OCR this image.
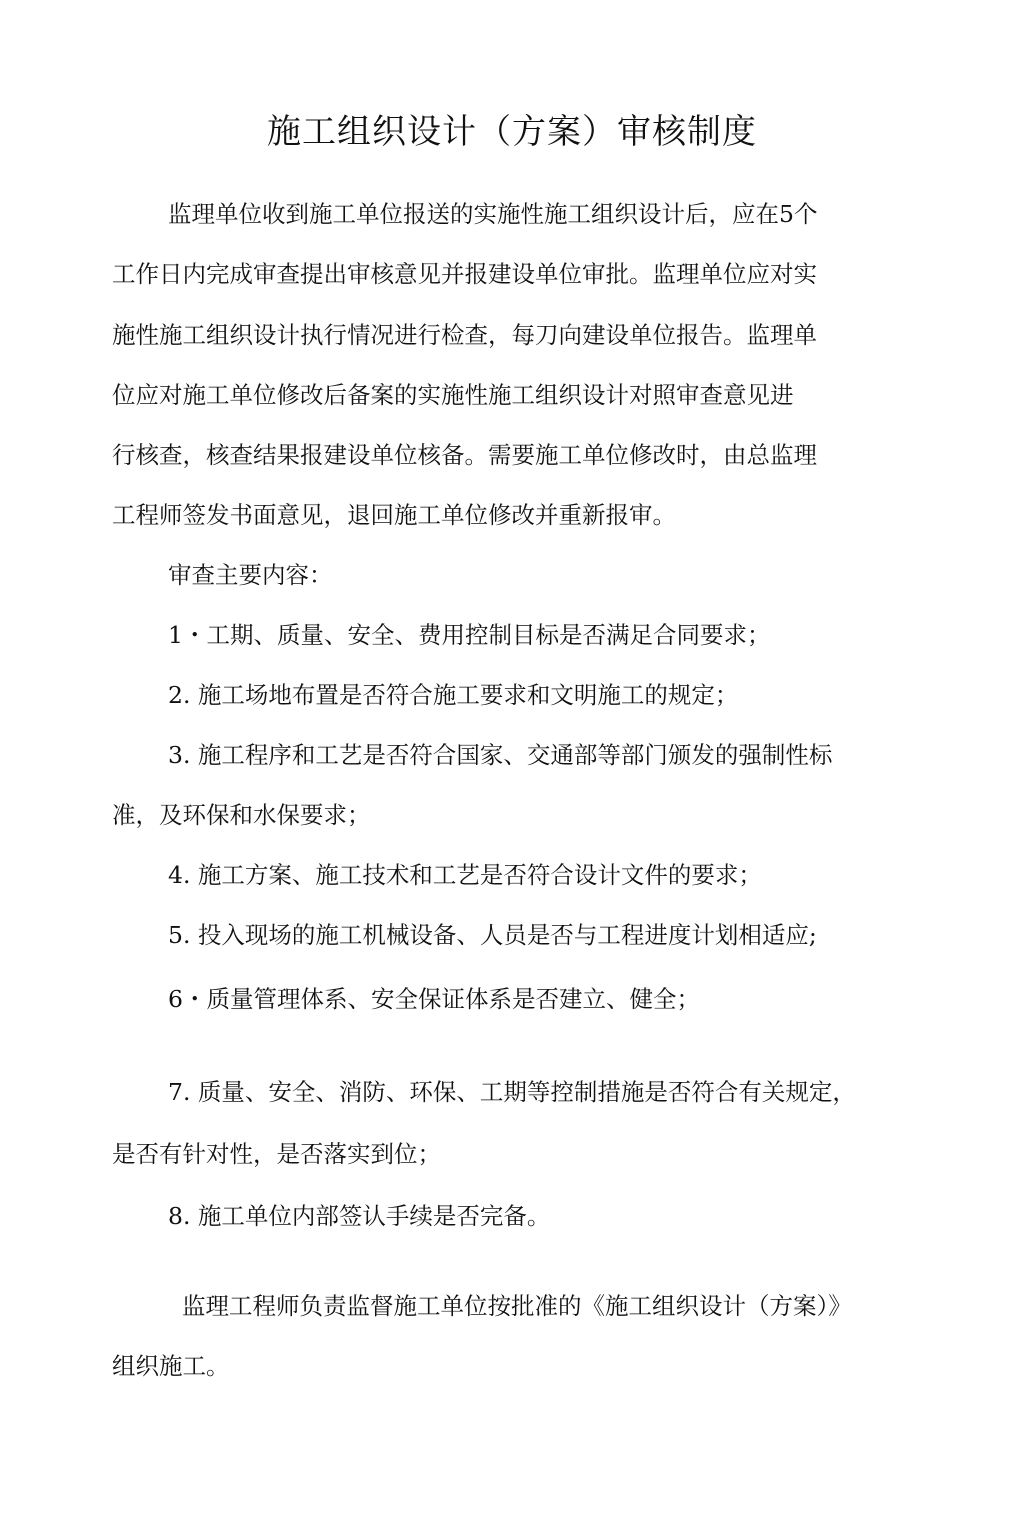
施工组织设计（方案）审核制度

监理单位收到施工单位报送的实施性施工组织设计后，应在5个

工作日内完成审查提出审核意见并报建设单位审批。监理单位应对实

施性施工组织设计执行情况进行检查，每刀向建设单位报告。监理单

位应对施工单位修改后备案的实施性施工组织设计对照审查意见进

行核查，核查结果报建设单位核备。需要施工单位修改时，由总监理

工程师签发书面意见，退回施工单位修改并重新报审。

审查主要内容：

1・工期、质量、安全、费用控制目标是否满足合同要求；

2. 施工场地布置是否符合施工要求和文明施工的规定；

3. 施工程序和工艺是否符合国家、交通部等部门颁发的强制性标

准，及环保和水保要求；

4. 施工方案、施工技术和工艺是否符合设计文件的要求；

5. 投入现场的施工机械设备、人员是否与工程进度计划相适应;

6・质量管理体系、安全保证体系是否建立、健全；

7. 质量、安全、消防、环保、工期等控制措施是否符合有关规定，

是否有针对性，是否落实到位；

8. 施工单位内部签认手续是否完备。

监理工程师负责监督施工单位按批准的《施工组织设计（方案）》

组织施工。
